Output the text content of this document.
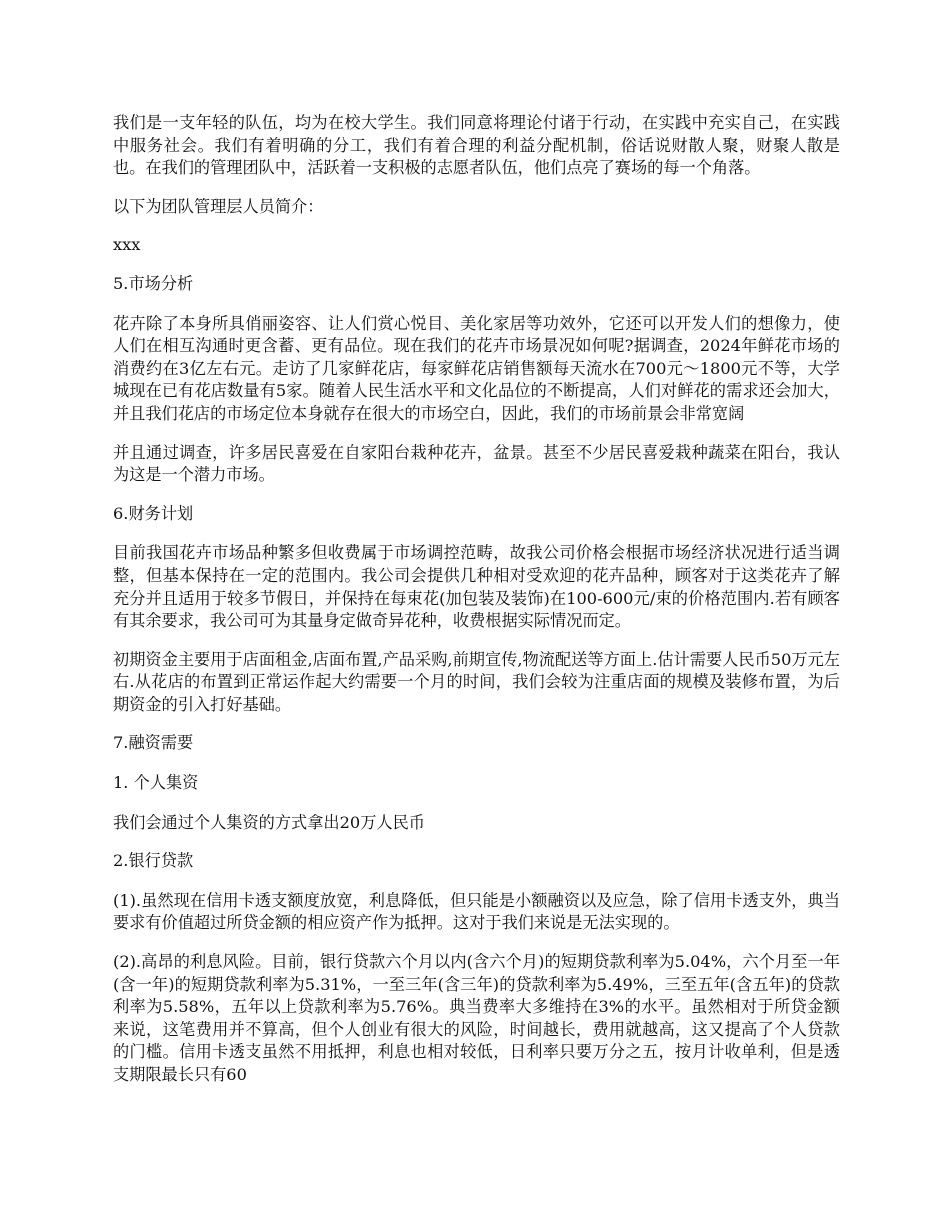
我们是一支年轻的队伍，均为在校大学生。我们同意将理论付诸于行动，在实践中充实自己，在实践中服务社会。我们有着明确的分工，我们有着合理的利益分配机制，俗话说财散人聚，财聚人散是也。在我们的管理团队中，活跃着一支积极的志愿者队伍，他们点亮了赛场的每一个角落。

以下为团队管理层人员简介：

xxx

5.市场分析

花卉除了本身所具俏丽姿容、让人们赏心悦目、美化家居等功效外，它还可以开发人们的想像力，使人们在相互沟通时更含蓄、更有品位。现在我们的花卉市场景况如何呢?据调查，2024年鲜花市场的消费约在3亿左右元。走访了几家鲜花店，每家鲜花店销售额每天流水在700元～1800元不等，大学城现在已有花店数量有5家。随着人民生活水平和文化品位的不断提高，人们对鲜花的需求还会加大，并且我们花店的市场定位本身就存在很大的市场空白，因此，我们的市场前景会非常宽阔

并且通过调查，许多居民喜爱在自家阳台栽种花卉，盆景。甚至不少居民喜爱栽种蔬菜在阳台，我认为这是一个潜力市场。

6.财务计划

目前我国花卉市场品种繁多但收费属于市场调控范畴，故我公司价格会根据市场经济状况进行适当调整，但基本保持在一定的范围内。我公司会提供几种相对受欢迎的花卉品种，顾客对于这类花卉了解充分并且适用于较多节假日，并保持在每束花(加包装及装饰)在100-600元/束的价格范围内.若有顾客有其余要求，我公司可为其量身定做奇异花种，收费根据实际情况而定。

初期资金主要用于店面租金,店面布置,产品采购,前期宣传,物流配送等方面上.估计需要人民币50万元左右.从花店的布置到正常运作起大约需要一个月的时间，我们会较为注重店面的规模及装修布置，为后期资金的引入打好基础。

7.融资需要

1. 个人集资

我们会通过个人集资的方式拿出20万人民币

2.银行贷款

(1).虽然现在信用卡透支额度放宽，利息降低，但只能是小额融资以及应急，除了信用卡透支外，典当要求有价值超过所贷金额的相应资产作为抵押。这对于我们来说是无法实现的。

(2).高昂的利息风险。目前，银行贷款六个月以内(含六个月)的短期贷款利率为5.04%，六个月至一年(含一年)的短期贷款利率为5.31%，一至三年(含三年)的贷款利率为5.49%，三至五年(含五年)的贷款利率为5.58%，五年以上贷款利率为5.76%。典当费率大多维持在3%的水平。虽然相对于所贷金额来说，这笔费用并不算高，但个人创业有很大的风险，时间越长，费用就越高，这又提高了个人贷款的门槛。信用卡透支虽然不用抵押，利息也相对较低，日利率只要万分之五，按月计收单利，但是透支期限最长只有60
